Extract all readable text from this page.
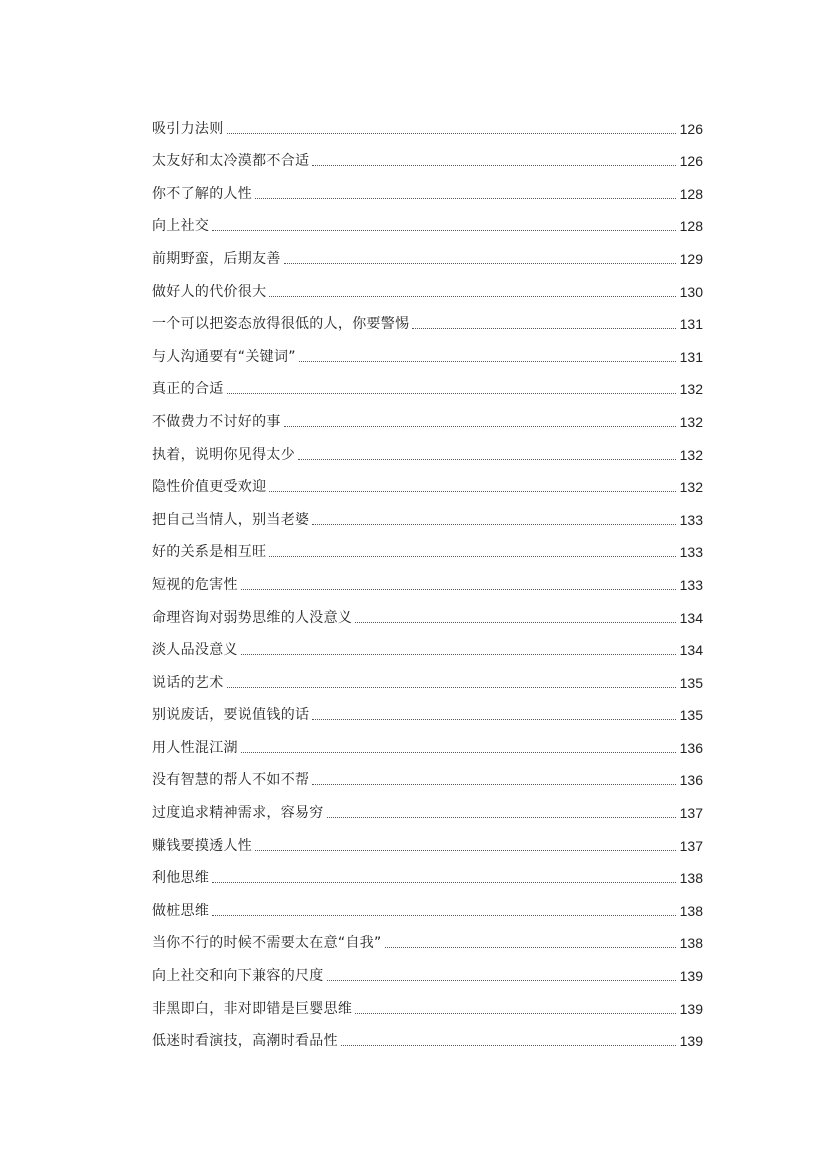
吸引力法则	126
太友好和太冷漠都不合适	126
你不了解的人性	128
向上社交	128
前期野蛮，后期友善	129
做好人的代价很大	130
一个可以把姿态放得很低的人，你要警惕	131
与人沟通要有“关键词”	131
真正的合适	132
不做费力不讨好的事	132
执着，说明你见得太少	132
隐性价值更受欢迎	132
把自己当情人，别当老婆	133
好的关系是相互旺	133
短视的危害性	133
命理咨询对弱势思维的人没意义	134
淡人品没意义	134
说话的艺术	135
别说废话，要说值钱的话	135
用人性混江湖	136
没有智慧的帮人不如不帮	136
过度追求精神需求，容易穷	137
赚钱要摸透人性	137
利他思维	138
做桩思维	138
当你不行的时候不需要太在意“自我”	138
向上社交和向下兼容的尺度	139
非黑即白，非对即错是巨婴思维	139
低迷时看演技，高潮时看品性	139
